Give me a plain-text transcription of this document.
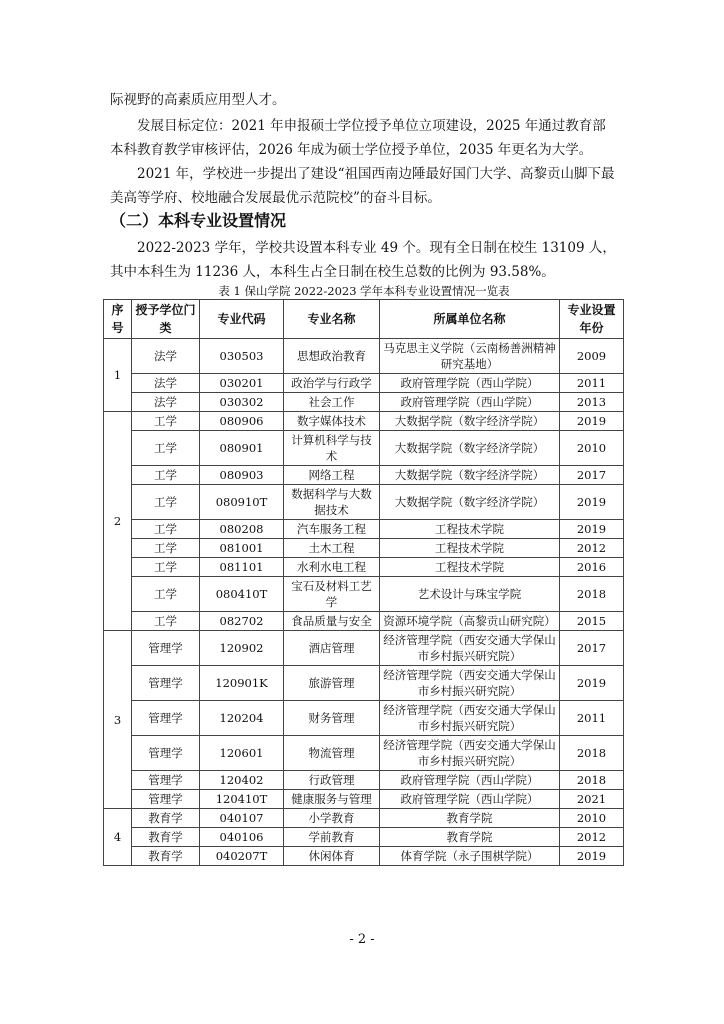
际视野的高素质应用型人才。

发展目标定位：2021 年申报硕士学位授予单位立项建设，2025 年通过教育部本科教育教学审核评估，2026 年成为硕士学位授予单位，2035 年更名为大学。

2021 年，学校进一步提出了建设“祖国西南边陲最好国门大学、高黎贡山脚下最美高等学府、校地融合发展最优示范院校”的奋斗目标。

（二）本科专业设置情况

2022-2023 学年，学校共设置本科专业 49 个。现有全日制在校生 13109 人，其中本科生为 11236 人，本科生占全日制在校生总数的比例为 93.58%。

表 1 保山学院 2022-2023 学年本科专业设置情况一览表

序号	授予学位门类	专业代码	专业名称	所属单位名称	专业设置年份
1	法学	030503	思想政治教育	马克思主义学院（云南杨善洲精神研究基地）	2009
	法学	030201	政治学与行政学	政府管理学院（西山学院）	2011
	法学	030302	社会工作	政府管理学院（西山学院）	2013
2	工学	080906	数字媒体技术	大数据学院（数字经济学院）	2019
	工学	080901	计算机科学与技术	大数据学院（数字经济学院）	2010
	工学	080903	网络工程	大数据学院（数字经济学院）	2017
	工学	080910T	数据科学与大数据技术	大数据学院（数字经济学院）	2019
	工学	080208	汽车服务工程	工程技术学院	2019
	工学	081001	土木工程	工程技术学院	2012
	工学	081101	水利水电工程	工程技术学院	2016
	工学	080410T	宝石及材料工艺学	艺术设计与珠宝学院	2018
	工学	082702	食品质量与安全	资源环境学院（高黎贡山研究院）	2015
3	管理学	120902	酒店管理	经济管理学院（西安交通大学保山市乡村振兴研究院）	2017
	管理学	120901K	旅游管理	经济管理学院（西安交通大学保山市乡村振兴研究院）	2019
	管理学	120204	财务管理	经济管理学院（西安交通大学保山市乡村振兴研究院）	2011
	管理学	120601	物流管理	经济管理学院（西安交通大学保山市乡村振兴研究院）	2018
	管理学	120402	行政管理	政府管理学院（西山学院）	2018
	管理学	120410T	健康服务与管理	政府管理学院（西山学院）	2021
4	教育学	040107	小学教育	教育学院	2010
	教育学	040106	学前教育	教育学院	2012
	教育学	040207T	休闲体育	体育学院（永子围棋学院）	2019

- 2 -
